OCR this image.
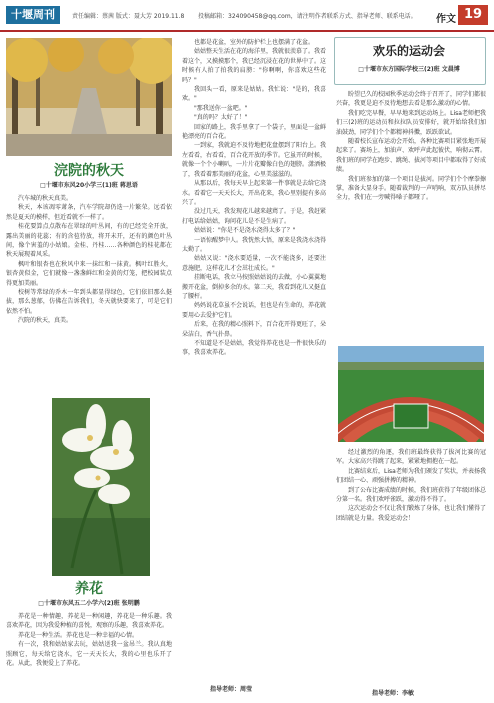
十堰周刊	责任编辑：蔡茜 版式：聂大芳 2019.11.8 投稿邮箱：324090458@qq.com，请注明作者联系方式、指导老师、联系电话。 作文 19
浣院的秋天
□十堰市东风20小学三(1)班 蒋思语

汽车城的秋天真美。

秋天，本该凋零萧条，汽车学院却仍迭一片繁荣。远看依然是夏天的模样，但近看就不一样了。

桂花要算点点散布在翠绿的叶丛间，有的已经完全开放，露出美丽的花蕊；有的含苞待放，将开未开，还有的颜色叶丛间，像个害羞的小姑娘。金桂、丹桂……各种颜色的桂花都在秋天展现着风采。

枫叶和银杏也在秋风中来一抹红和一抹黄。枫叶红胜火，银杏黄似金，它们就像一盏盏鲜红和金黄的灯笼，把校园装点得更加美丽。

校树等常绿的乔木一年到头都显得绿色，它们依旧那么挺拔，那么葱郁，仿佛在告诉我们，冬天就快要来了，可是它们依然不怕。

汽院的秋天，真美。

养花
□十堰市东风五二小学六(2)班 张明鹏

养花是一种情趣，养花是一种闲趣，养花是一种乐趣。我喜欢养花，因为我爱种植的喜悦，观察的乐趣，我喜欢养花。

养花是一种生活。养花也是一种幸福的心情。

有一次，我和姑姑家去玩，姑姑送我一盆吊兰。我认真地照顾它，每天给它浇水，它一天天长大，我的心里也乐开了花。从此，我便爱上了养花。

也都是花盆，室外的防护栏上也摆满了花盆。

姑姑整天生活在花的海洋里，我就很羡慕了。我看着这个，又摸摸那个，我已经沉浸在花的世界中了。这时候有人拍了拍我的肩膀："你啊啊，你喜欢这些花吗？"

我回头一看，原来是姑姑。我忙说："是的，我喜欢。"

"那我送你一盆吧。"

"真的吗？太好了！"

回家的路上，我手里拿了一个袋子，里面是一盆鲜艳漂亮的百合花。

一到家，我就迫不及待地把花盘摆到了阳台上。我左看看，右看看，百合花开放的季节。它虽开的时候，就像一个个小喇叭，一片片花瓣像白色的翅膀。潇洒极了，我看着那美丽的花盆，心里美滋滋的。

从那以后，我每天早上起来第一件事就是去给它浇水。看着它一天天长大，开出花来，我心里别提有多高兴了。

没过几天，我发现花儿越来越蔫了。于是，我赶紧打电话给姑姑，询问花儿是不是生病了。

姑姑说："你是不是浇水浇得太多了？"

一语惊醒梦中人。我恍然大悟，原来是我浇水浇得太勤了。

姑姑又说："浇水要适量，一次不能浇多，还要注意施肥，这样花儿才会茁壮成长。"

挂断电话，我立马按照姑姑说的去做，小心翼翼地搬开花盆，倒掉多余的水。第二天，我看到花儿又挺直了腰杆。

妈妈说花草虽不会说话，但也是有生命的，养花就要用心去爱护它们。

后来，在我的精心照料下，百合花开得更旺了，朵朵洁白，香气扑鼻。

不知道是不是姑姑，我觉得养花也是一件很快乐的事，我喜欢养花。

指导老师：周莹
欢乐的运动会
□十堰市东方国际学校三(2)班 文晨博

盼望已久的校园秋季运动会终于召开了，同学们都很兴奋，我更是迫不及待地想去看是那么激动的心情。

我们吃完早餐，早早地来到运动场上。Lisa老师把我们三(2)班的运动员和拉拉队员安排好，就开始给我们加油鼓劲，同学们个个都精神抖擞，跃跃欲试。

随着校长宣布运动会开始，各种比赛项目紧张地开展起来了。赛场上，加油声、欢呼声此起彼伏，响彻云霄。我们班的同学在跑步、跳绳、拔河等项目中都取得了好成绩。

我们班参加的第一个项目是拔河。同学们个个摩拳擦掌，准备大显身手。随着裁判的一声哨响，双方队员拼尽全力，我们在一旁喊得嗓子都哑了。

经过激烈的角逐，我们班最终获得了拔河比赛的冠军。大家高兴得跳了起来，紧紧地拥抱在一起。

比赛结束后，Lisa老师为我们颁发了奖状，并表扬我们团结一心、顽强拼搏的精神。

到了公布比赛成绩的时候，我们班获得了年级团体总分第一名。我们欢呼雀跃，激动得不得了。

这次运动会不仅让我们锻炼了身体，也让我们懂得了团结就是力量。我爱运动会！

指导老师：李敏
